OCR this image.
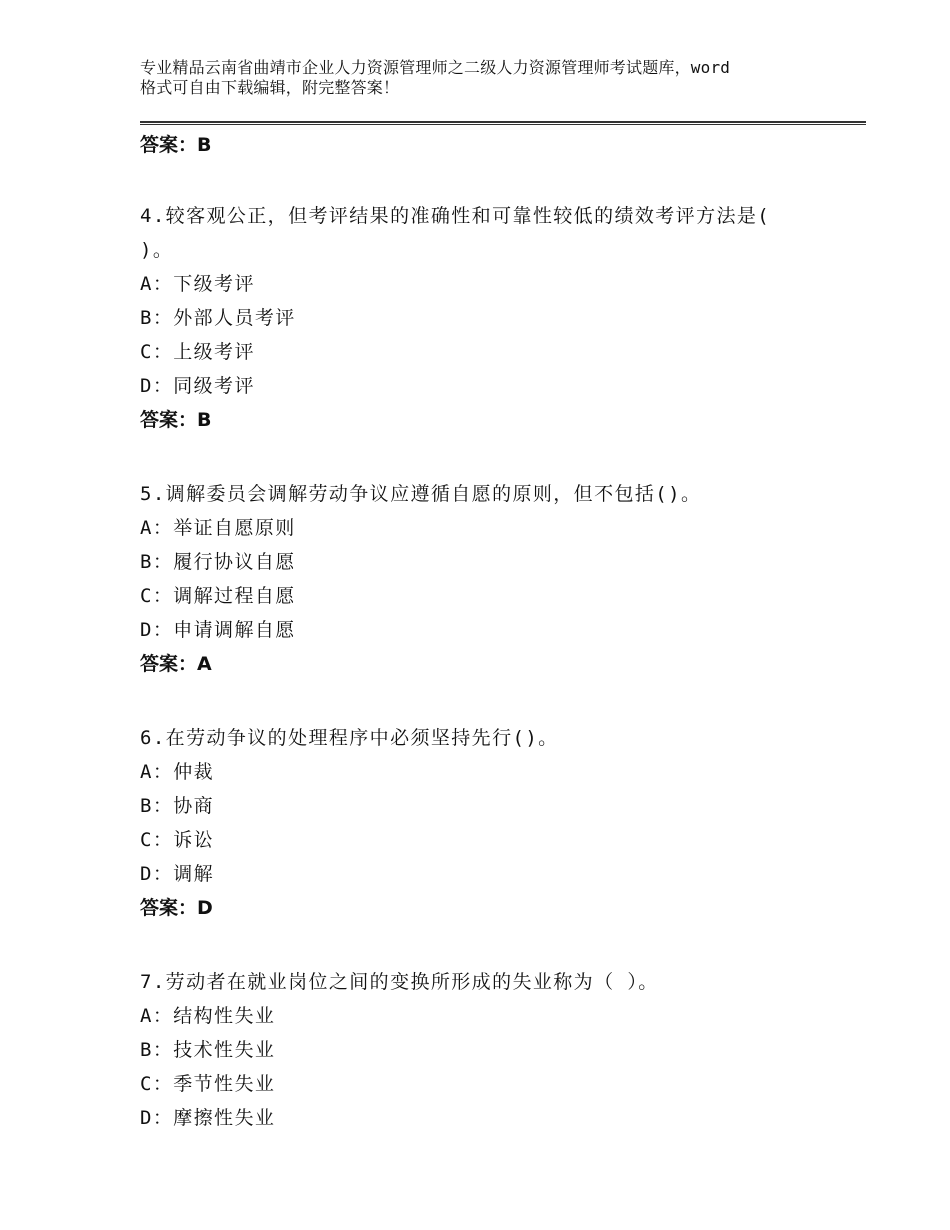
专业精品云南省曲靖市企业人力资源管理师之二级人力资源管理师考试题库，word
格式可自由下载编辑，附完整答案！
答案：B
4.较客观公正，但考评结果的准确性和可靠性较低的绩效考评方法是(
)。
A：下级考评
B：外部人员考评
C：上级考评
D：同级考评
答案：B
5.调解委员会调解劳动争议应遵循自愿的原则，但不包括()。
A：举证自愿原则
B：履行协议自愿
C：调解过程自愿
D：申请调解自愿
答案：A
6.在劳动争议的处理程序中必须坚持先行()。
A：仲裁
B：协商
C：诉讼
D：调解
答案：D
7.劳动者在就业岗位之间的变换所形成的失业称为（ ）。
A：结构性失业
B：技术性失业
C：季节性失业
D：摩擦性失业
